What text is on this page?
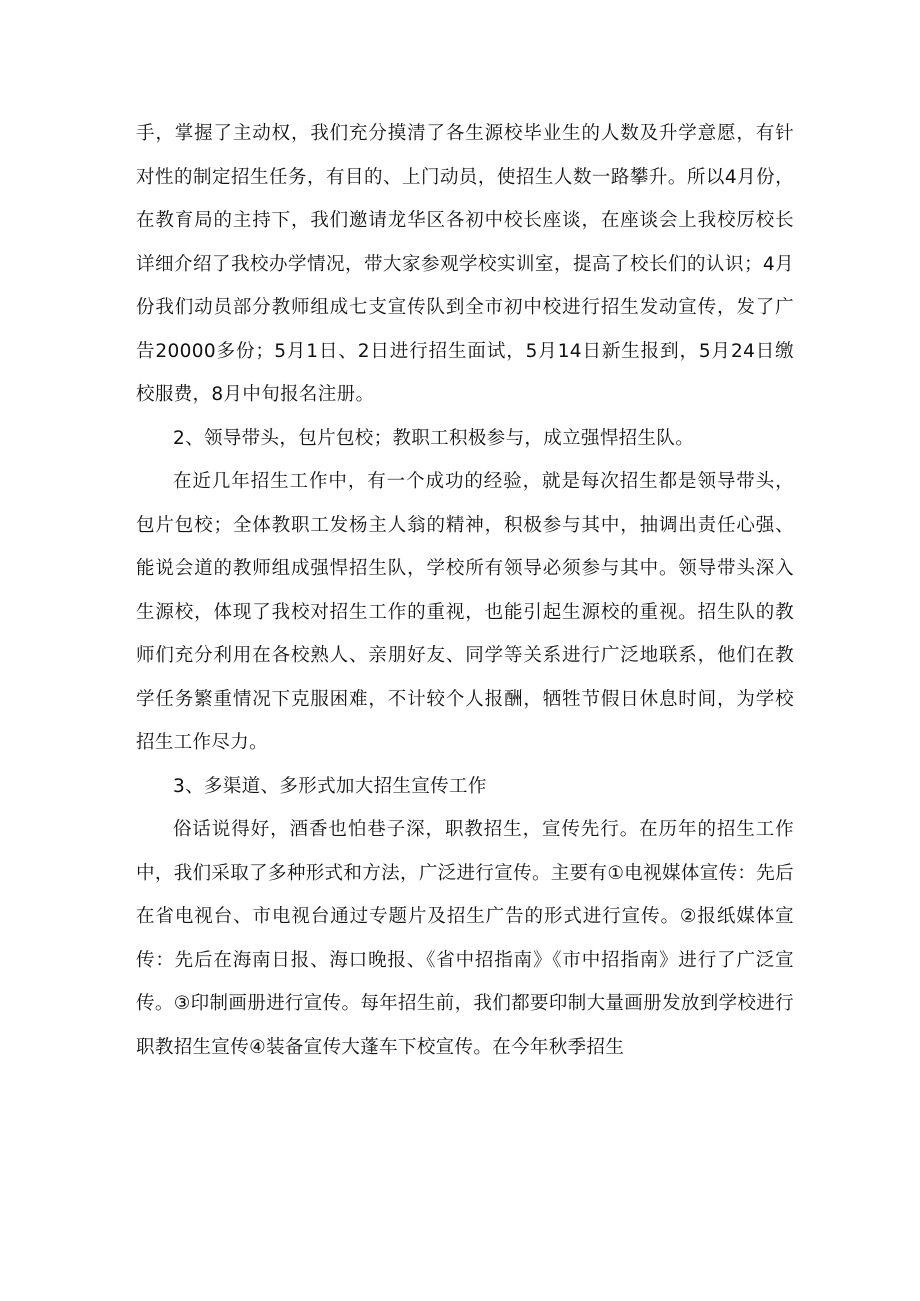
手，掌握了主动权，我们充分摸清了各生源校毕业生的人数及升学意愿，有针对性的制定招生任务，有目的、上门动员，使招生人数一路攀升。所以4月份，在教育局的主持下，我们邀请龙华区各初中校长座谈，在座谈会上我校厉校长详细介绍了我校办学情况，带大家参观学校实训室，提高了校长们的认识；4月份我们动员部分教师组成七支宣传队到全市初中校进行招生发动宣传，发了广告20000多份；5月1日、2日进行招生面试，5月14日新生报到，5月24日缴校服费，8月中旬报名注册。

2、领导带头，包片包校；教职工积极参与，成立强悍招生队。

在近几年招生工作中，有一个成功的经验，就是每次招生都是领导带头，包片包校；全体教职工发杨主人翁的精神，积极参与其中，抽调出责任心强、能说会道的教师组成强悍招生队，学校所有领导必须参与其中。领导带头深入生源校，体现了我校对招生工作的重视，也能引起生源校的重视。招生队的教师们充分利用在各校熟人、亲朋好友、同学等关系进行广泛地联系，他们在教学任务繁重情况下克服困难，不计较个人报酬，牺牲节假日休息时间，为学校招生工作尽力。

3、多渠道、多形式加大招生宣传工作

俗话说得好，酒香也怕巷子深，职教招生，宣传先行。在历年的招生工作中，我们采取了多种形式和方法，广泛进行宣传。主要有①电视媒体宣传：先后在省电视台、市电视台通过专题片及招生广告的形式进行宣传。②报纸媒体宣传：先后在海南日报、海口晚报、《省中招指南》《市中招指南》进行了广泛宣传。③印制画册进行宣传。每年招生前，我们都要印制大量画册发放到学校进行职教招生宣传④装备宣传大蓬车下校宣传。在今年秋季招生
